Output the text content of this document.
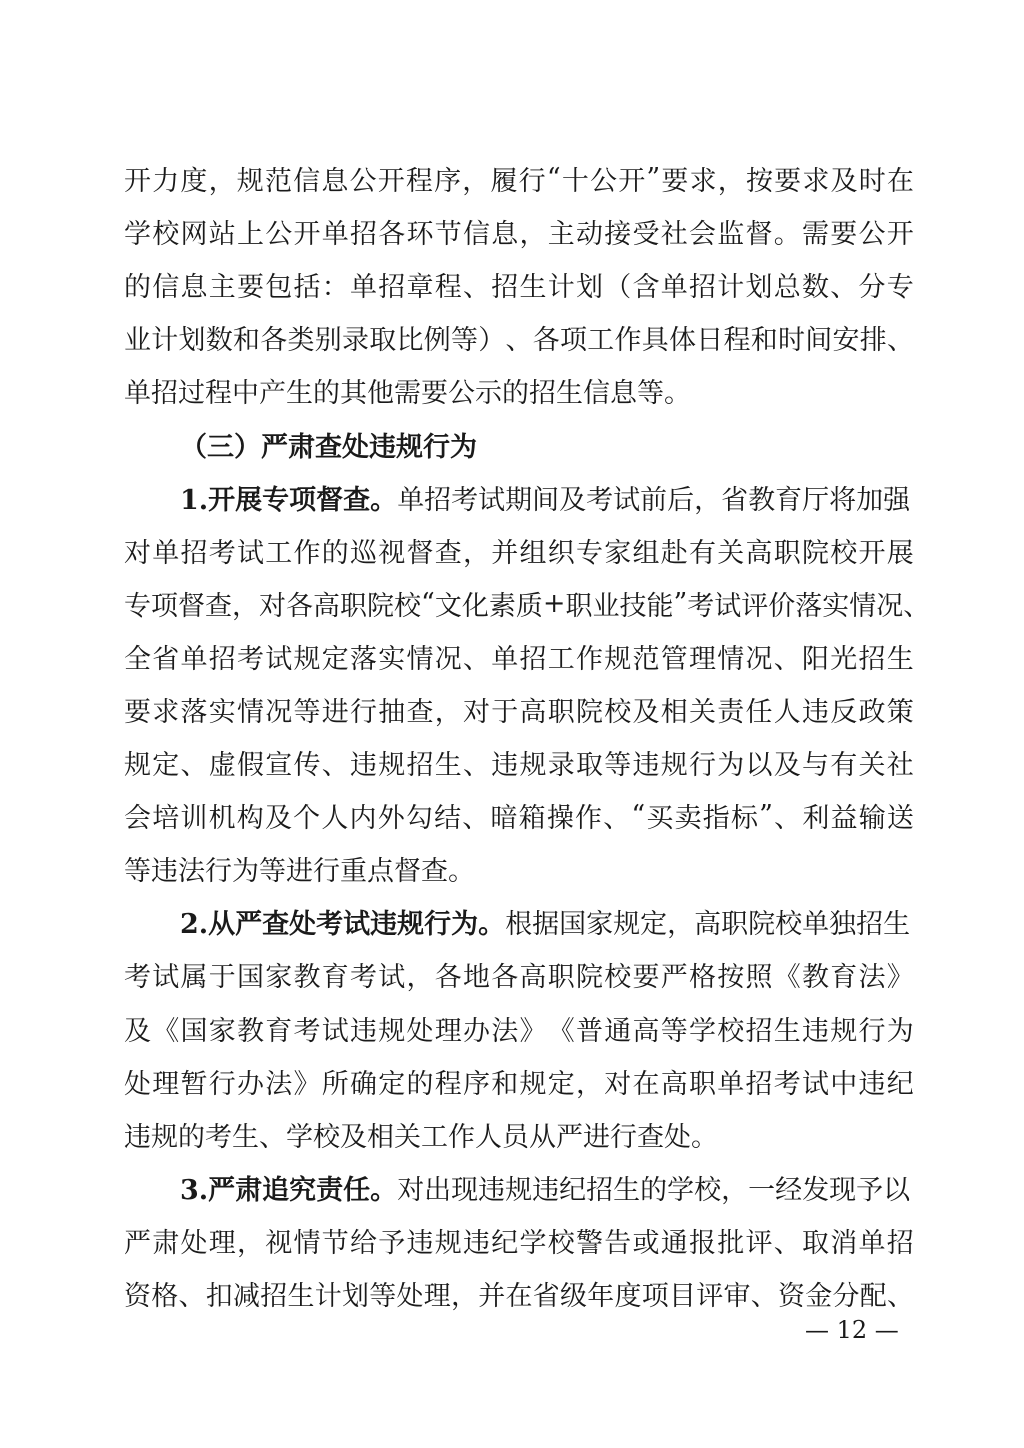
开 力 度 ， 规 范 信 息 公 开 程 序 ， 履 行 “ 十 公 开 ” 要 求 ， 按 要 求 及 时 在
学 校 网 站 上 公 开 单 招 各 环 节 信 息 ， 主 动 接 受 社 会 监 督 。 需 要 公 开
的 信 息 主 要 包 括 ： 单 招 章 程 、 招 生 计 划 （ 含 单 招 计 划 总 数 、 分 专
业 计 划 数 和 各 类 别 录 取 比 例 等 ） 、 各 项 工 作 具 体 日 程 和 时 间 安 排 、
单招过程中产生的其他需要公示的招生信息等。
（三）严肃查处违规行为
1.开展专项督查。 单招考试期间及考试前后，省教育厅将加强
对 单 招 考 试 工 作 的 巡 视 督 查 ， 并 组 织 专 家 组 赴 有 关 高 职 院 校 开 展
专 项 督 查 ， 对 各 高 职 院 校 “ 文 化 素 质 + 职 业 技 能 ” 考 试 评 价 落 实 情 况 、
全 省 单 招 考 试 规 定 落 实 情 况 、 单 招 工 作 规 范 管 理 情 况 、 阳 光 招 生
要 求 落 实 情 况 等 进 行 抽 查 ， 对 于 高 职 院 校 及 相 关 责 任 人 违 反 政 策
规 定 、 虚 假 宣 传 、 违 规 招 生 、 违 规 录 取 等 违 规 行 为 以 及 与 有 关 社
会 培 训 机 构 及 个 人 内 外 勾 结 、 暗 箱 操 作 、 “ 买 卖 指 标 ” 、 利 益 输 送
等违法行为等进行重点督查。
2.从严查处考试违规行为。 根据国家规定，高职院校单独招生
考 试 属 于 国 家 教 育 考 试 ， 各 地 各 高 职 院 校 要 严 格 按 照 《 教 育 法 》
及 《 国 家 教 育 考 试 违 规 处 理 办 法 》 《 普 通 高 等 学 校 招 生 违 规 行 为
处 理 暂 行 办 法 》 所 确 定 的 程 序 和 规 定 ， 对 在 高 职 单 招 考 试 中 违 纪
违规的考生、学校及相关工作人员从严进行查处。
3.严肃追究责任。 对出现违规违纪招生的学校，一经发现予以
严 肃 处 理 ， 视 情 节 给 予 违 规 违 纪 学 校 警 告 或 通 报 批 评 、 取 消 单 招
资 格 、 扣 减 招 生 计 划 等 处 理 ， 并 在 省 级 年 度 项 目 评 审 、 资 金 分 配 、
— 12 —
